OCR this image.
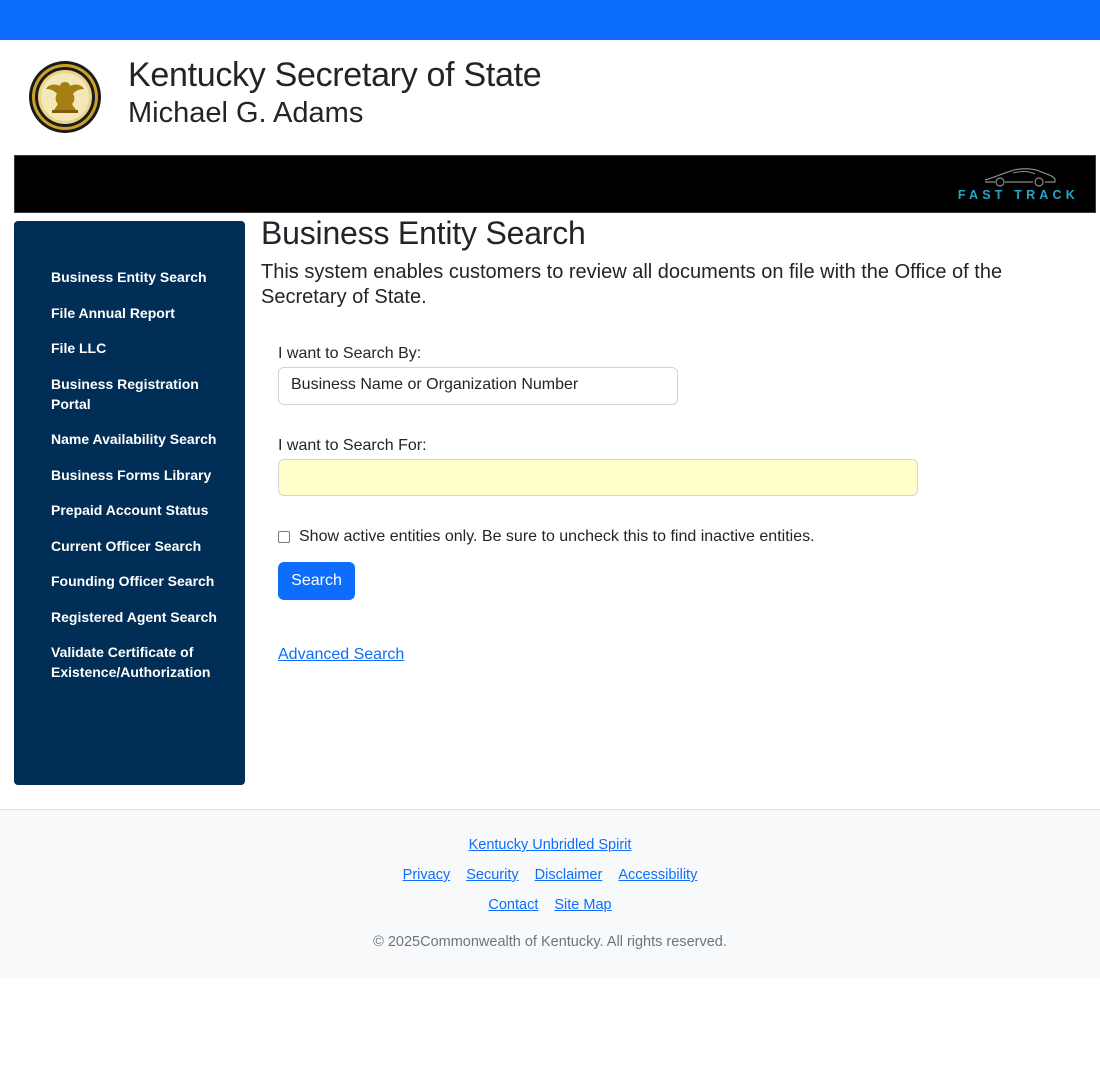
Kentucky Secretary of State
Michael G. Adams
FAST TRACK
Business Entity Search
File Annual Report
File LLC
Business Registration Portal
Name Availability Search
Business Forms Library
Prepaid Account Status
Current Officer Search
Founding Officer Search
Registered Agent Search
Validate Certificate of Existence/Authorization
Business Entity Search

This system enables customers to review all documents on file with the Office of the Secretary of State.

I want to Search By:
Business Name or Organization Number
I want to Search For:
Show active entities only. Be sure to uncheck this to find inactive entities.
Search
Advanced Search
Kentucky Unbridled Spirit
Privacy Security Disclaimer Accessibility
Contact Site Map
© 2025Commonwealth of Kentucky. All rights reserved.
